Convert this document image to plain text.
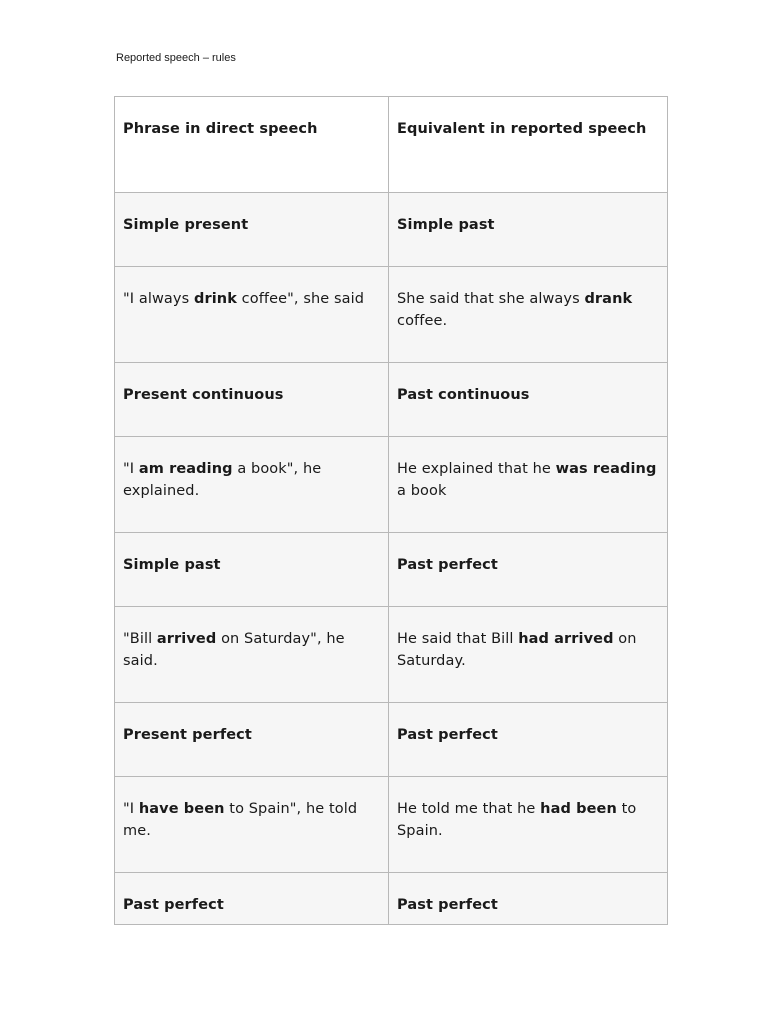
Reported speech – rules
Phrase in direct speech	Equivalent in reported speech
Simple present	Simple past
"I always drink coffee", she said	She said that she always drank coffee.
Present continuous	Past continuous
"I am reading a book", he explained.	He explained that he was reading a book
Simple past	Past perfect
"Bill arrived on Saturday", he said.	He said that Bill had arrived on Saturday.
Present perfect	Past perfect
"I have been to Spain", he told me.	He told me that he had been to Spain.
Past perfect	Past perfect
